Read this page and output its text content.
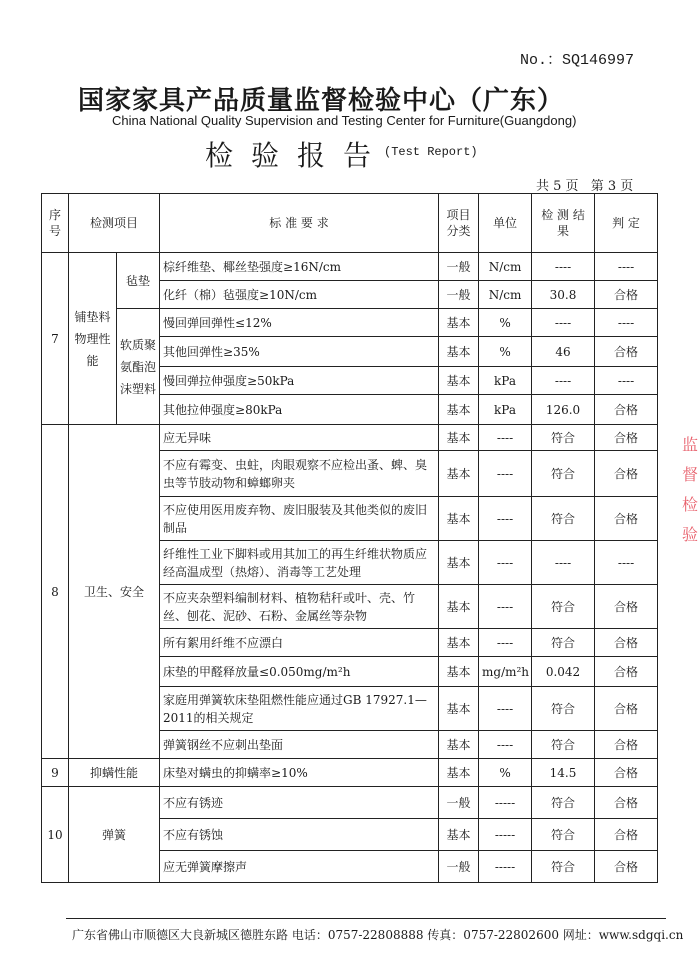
No.：SQ146997
国家家具产品质量监督检验中心（广东）
China National Quality Supervision and Testing Center for Furniture(Guangdong)
检验报告
(Test Report)
共 5 页 第 3 页
序号	检测项目		标 准 要 求	项目分类	单位	检 测 结 果	判 定
7	铺垫料物理性能	毡垫	棕纤维垫、椰丝垫强度≥16N/cm	一般	N/cm	----	----
			化纤（棉）毡强度≥10N/cm	一般	N/cm	30.8	合格
		软质聚氨酯泡沫塑料	慢回弹回弹性≤12%	基本	%	----	----
			其他回弹性≥35%	基本	%	46	合格
			慢回弹拉伸强度≥50kPa	基本	kPa	----	----
			其他拉伸强度≥80kPa	基本	kPa	126.0	合格
8	卫生、安全		应无异味	基本	----	符合	合格
			不应有霉变、虫蛀，肉眼观察不应检出蚤、蜱、臭虫等节肢动物和蟑螂卵夹	基本	----	符合	合格
			不应使用医用废弃物、废旧服装及其他类似的废旧制品	基本	----	符合	合格
			纤维性工业下脚料或用其加工的再生纤维状物质应经高温成型（热熔）、消毒等工艺处理	基本	----	----	----
			不应夹杂塑料编制材料、植物秸秆或叶、壳、竹丝、刨花、泥砂、石粉、金属丝等杂物	基本	----	符合	合格
			所有絮用纤维不应漂白	基本	----	符合	合格
			床垫的甲醛释放量≤0.050mg/m²h	基本	mg/m²h	0.042	合格
			家庭用弹簧软床垫阻燃性能应通过GB 17927.1—2011的相关规定	基本	----	符合	合格
			弹簧钢丝不应刺出垫面	基本	----	符合	合格
9	抑螨性能		床垫对螨虫的抑螨率≥10%	基本	%	14.5	合格
10	弹簧		不应有锈迹	一般	-----	符合	合格
			不应有锈蚀	基本	-----	符合	合格
			应无弹簧摩擦声	一般	-----	符合	合格
广东省佛山市顺德区大良新城区德胜东路 电话：0757-22808888 传真：0757-22802600 网址：www.sdgqi.cn
监督检验
